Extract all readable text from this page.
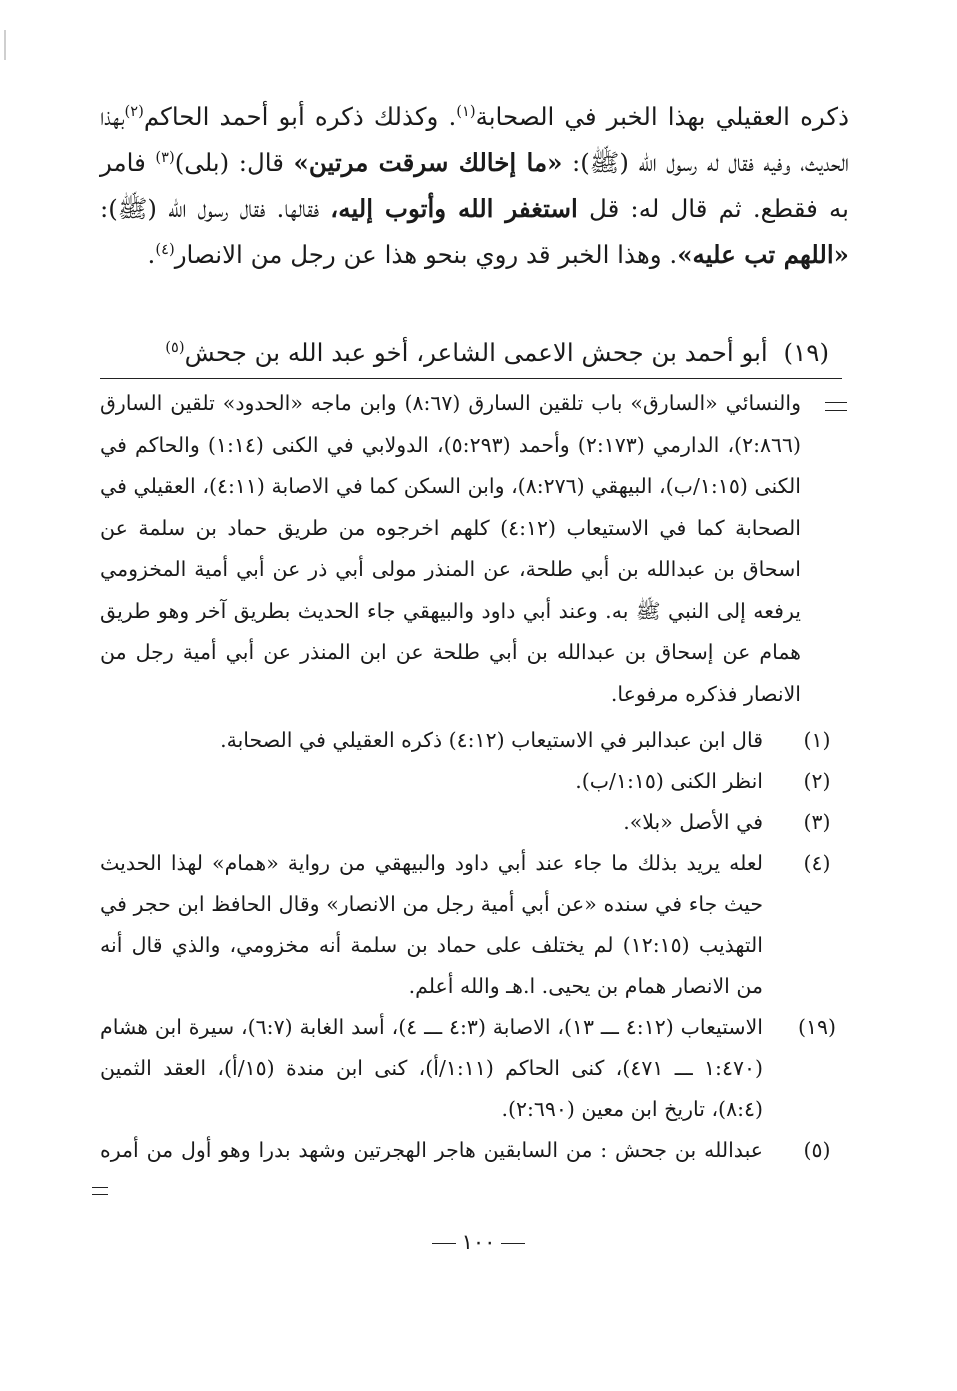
ذكره العقيلي بهذا الخبر في الصحابة$^{(١)}$. وكذلك ذكره أبو أحمد الحاكم$^{(٢)}$بهذا الحديث، وفيه فقال له رسول الله (ﷺ): «ما إخالك سرقت مرتين» قال: (بلى)$^{(٣)}$ فامر به فقطع. ثم قال له: قل استغفر الله وأتوب إليه، فقالها. فقال رسول الله (ﷺ): «اللهم تب عليه». وهذا الخبر قد روي بنحو هذا عن رجل من الانصار$^{(٤)}$.

(١٩) أبو أحمد بن جحش الاعمى الشاعر، أخو عبد الله بن جحش$^{(٥)}$
والنسائي «السارق» باب تلقين السارق (٨:٦٧) وابن ماجه «الحدود» تلقين السارق (٢:٨٦٦)، الدارمي (٢:١٧٣) وأحمد (٥:٢٩٣)، الدولابي في الكنى (١:١٤) والحاكم في الكنى (١:١٥/ب)، البيهقي (٨:٢٧٦)، وابن السكن كما في الاصابة (٤:١١)، العقيلي في الصحابة كما في الاستيعاب (٤:١٢) كلهم اخرجوه من طريق حماد بن سلمة عن اسحاق بن عبدالله بن أبي طلحة، عن المنذر مولى أبي ذر عن أبي أمية المخزومي يرفعه إلى النبي ﷺ به. وعند أبي داود والبيهقي جاء الحديث بطريق آخر وهو طريق همام عن إسحاق بن عبدالله بن أبي طلحة عن ابن المنذر عن أبي أمية رجل من الانصار فذكره مرفوعا.
(١)
قال ابن عبدالبر في الاستيعاب (٤:١٢) ذكره العقيلي في الصحابة.
(٢)
انظر الكنى (١:١٥/ب).
(٣)
في الأصل «بلا».
(٤)
لعله يريد بذلك ما جاء عند أبي داود والبيهقي من رواية «همام» لهذا الحديث حيث جاء في سنده «عن أبي أمية رجل من الانصار» وقال الحافظ ابن حجر في التهذيب (١٢:١٥) لم يختلف على حماد بن سلمة أنه مخزومي، والذي قال أنه من الانصار همام بن يحيى. ا.هـ والله أعلم.
(١٩)
الاستيعاب (٤:١٢ ـــ ١٣)، الاصابة (٤:٣ ـــ ٤)، أسد الغابة (٦:٧)، سيرة ابن هشام (١:٤٧٠ ـــ ٤٧١)، كنى الحاكم (١:١١/أ)، كنى ابن مندة (١٥/أ)، العقد الثمين (٨:٤)، تاريخ ابن معين (٢:٦٩٠).
(٥)
عبدالله بن جحش : من السابقين هاجر الهجرتين وشهد بدرا وهو أول من أمره
١٠٠
